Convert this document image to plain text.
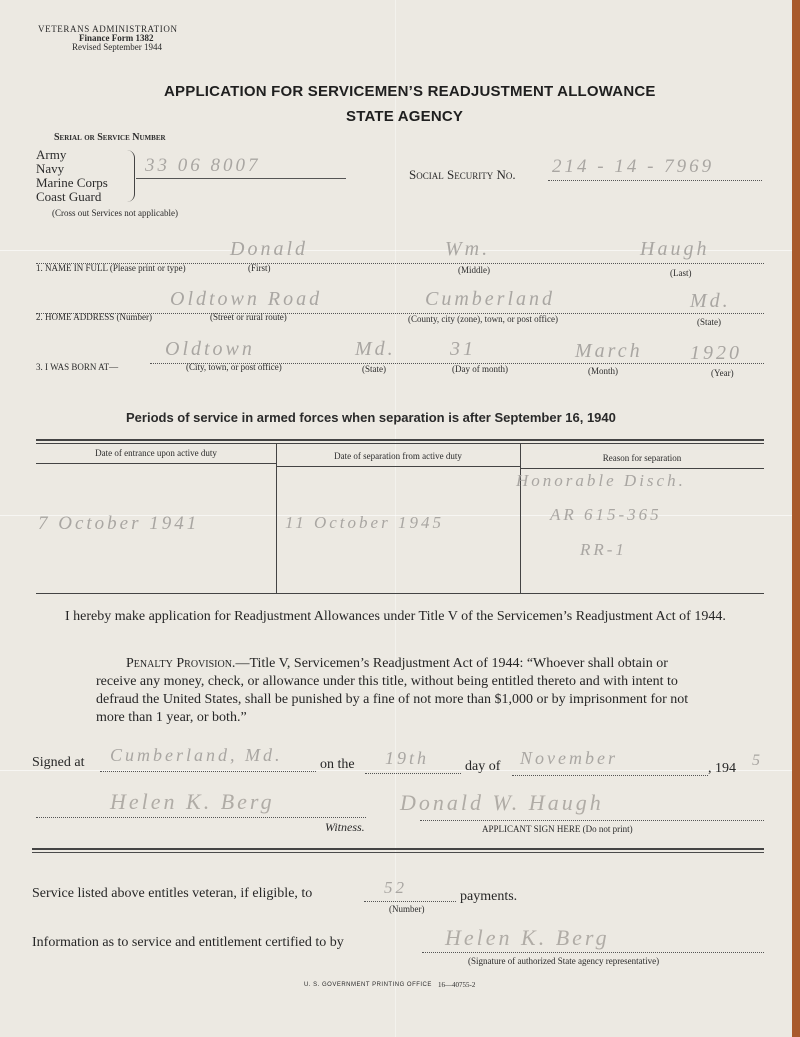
VETERANS ADMINISTRATION
Finance Form 1382
Revised September 1944
APPLICATION FOR SERVICEMEN’S READJUSTMENT ALLOWANCE
STATE AGENCY
Serial or Service Number
Army
Navy
Marine Corps
Coast Guard
33 06 8007
(Cross out Services not applicable)
Social Security No. 214 - 14 - 7969
Donald	Wm.	Haugh
1. NAME IN FULL (Please print or type)	(First)	(Middle)	(Last)
Oldtown Road	Cumberland	Md.
2. HOME ADDRESS (Number)	(Street or rural route)	(County, city (zone), town, or post office)	(State)
Oldtown	Md.	31	March 1920
3. I WAS BORN AT—	(City, town, or post office)	(State)	(Day of month)	(Month)	(Year)
Periods of service in armed forces when separation is after September 16, 1940
Date of entrance upon active duty	Date of separation from active duty	Reason for separation
7 October 1941	11 October 1945
Honorable Disch.
AR 615-365
RR-1
I hereby make application for Readjustment Allowances under Title V of the Servicemen’s Readjustment Act of 1944.
Penalty Provision.—Title V, Servicemen’s Readjustment Act of 1944: “Whoever shall obtain or receive any money, check, or allowance under this title, without being entitled thereto and with intent to defraud the United States, shall be punished by a fine of not more than $1,000 or by imprisonment for not more than 1 year, or both.”
Signed at Cumberland, Md.	on the 19th	day of November
, 194 5
Helen K. Berg
Witness.
Donald W. Haugh
APPLICANT SIGN HERE (Do not print)
Service listed above entitles veteran, if eligible, to	52	payments.
(Number)
Information as to service and entitlement certified to by	Helen K. Berg
(Signature of authorized State agency representative)
U. S. GOVERNMENT PRINTING OFFICE 16—40755-2
